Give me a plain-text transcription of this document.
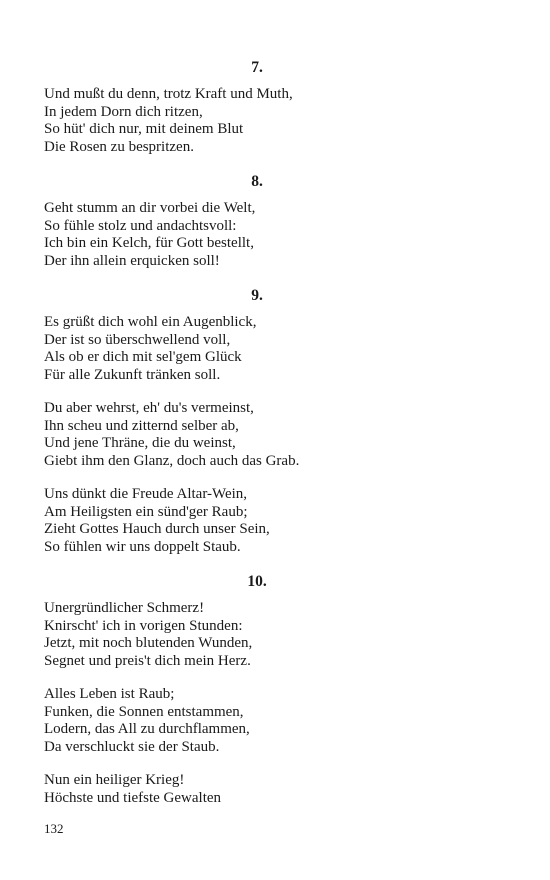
7.
Und mußt du denn, trotz Kraft und Muth,
In jedem Dorn dich ritzen,
So hüt' dich nur, mit deinem Blut
Die Rosen zu bespritzen.
8.
Geht stumm an dir vorbei die Welt,
So fühle stolz und andachtsvoll:
Ich bin ein Kelch, für Gott bestellt,
Der ihn allein erquicken soll!
9.
Es grüßt dich wohl ein Augenblick,
Der ist so überschwellend voll,
Als ob er dich mit sel'gem Glück
Für alle Zukunft tränken soll.
Du aber wehrst, eh' du's vermeinst,
Ihn scheu und zitternd selber ab,
Und jene Thräne, die du weinst,
Giebt ihm den Glanz, doch auch das Grab.
Uns dünkt die Freude Altar-Wein,
Am Heiligsten ein sünd'ger Raub;
Zieht Gottes Hauch durch unser Sein,
So fühlen wir uns doppelt Staub.
10.
Unergründlicher Schmerz!
Knirscht' ich in vorigen Stunden:
Jetzt, mit noch blutenden Wunden,
Segnet und preis't dich mein Herz.
Alles Leben ist Raub;
Funken, die Sonnen entstammen,
Lodern, das All zu durchflammen,
Da verschluckt sie der Staub.
Nun ein heiliger Krieg!
Höchste und tiefste Gewalten
132
